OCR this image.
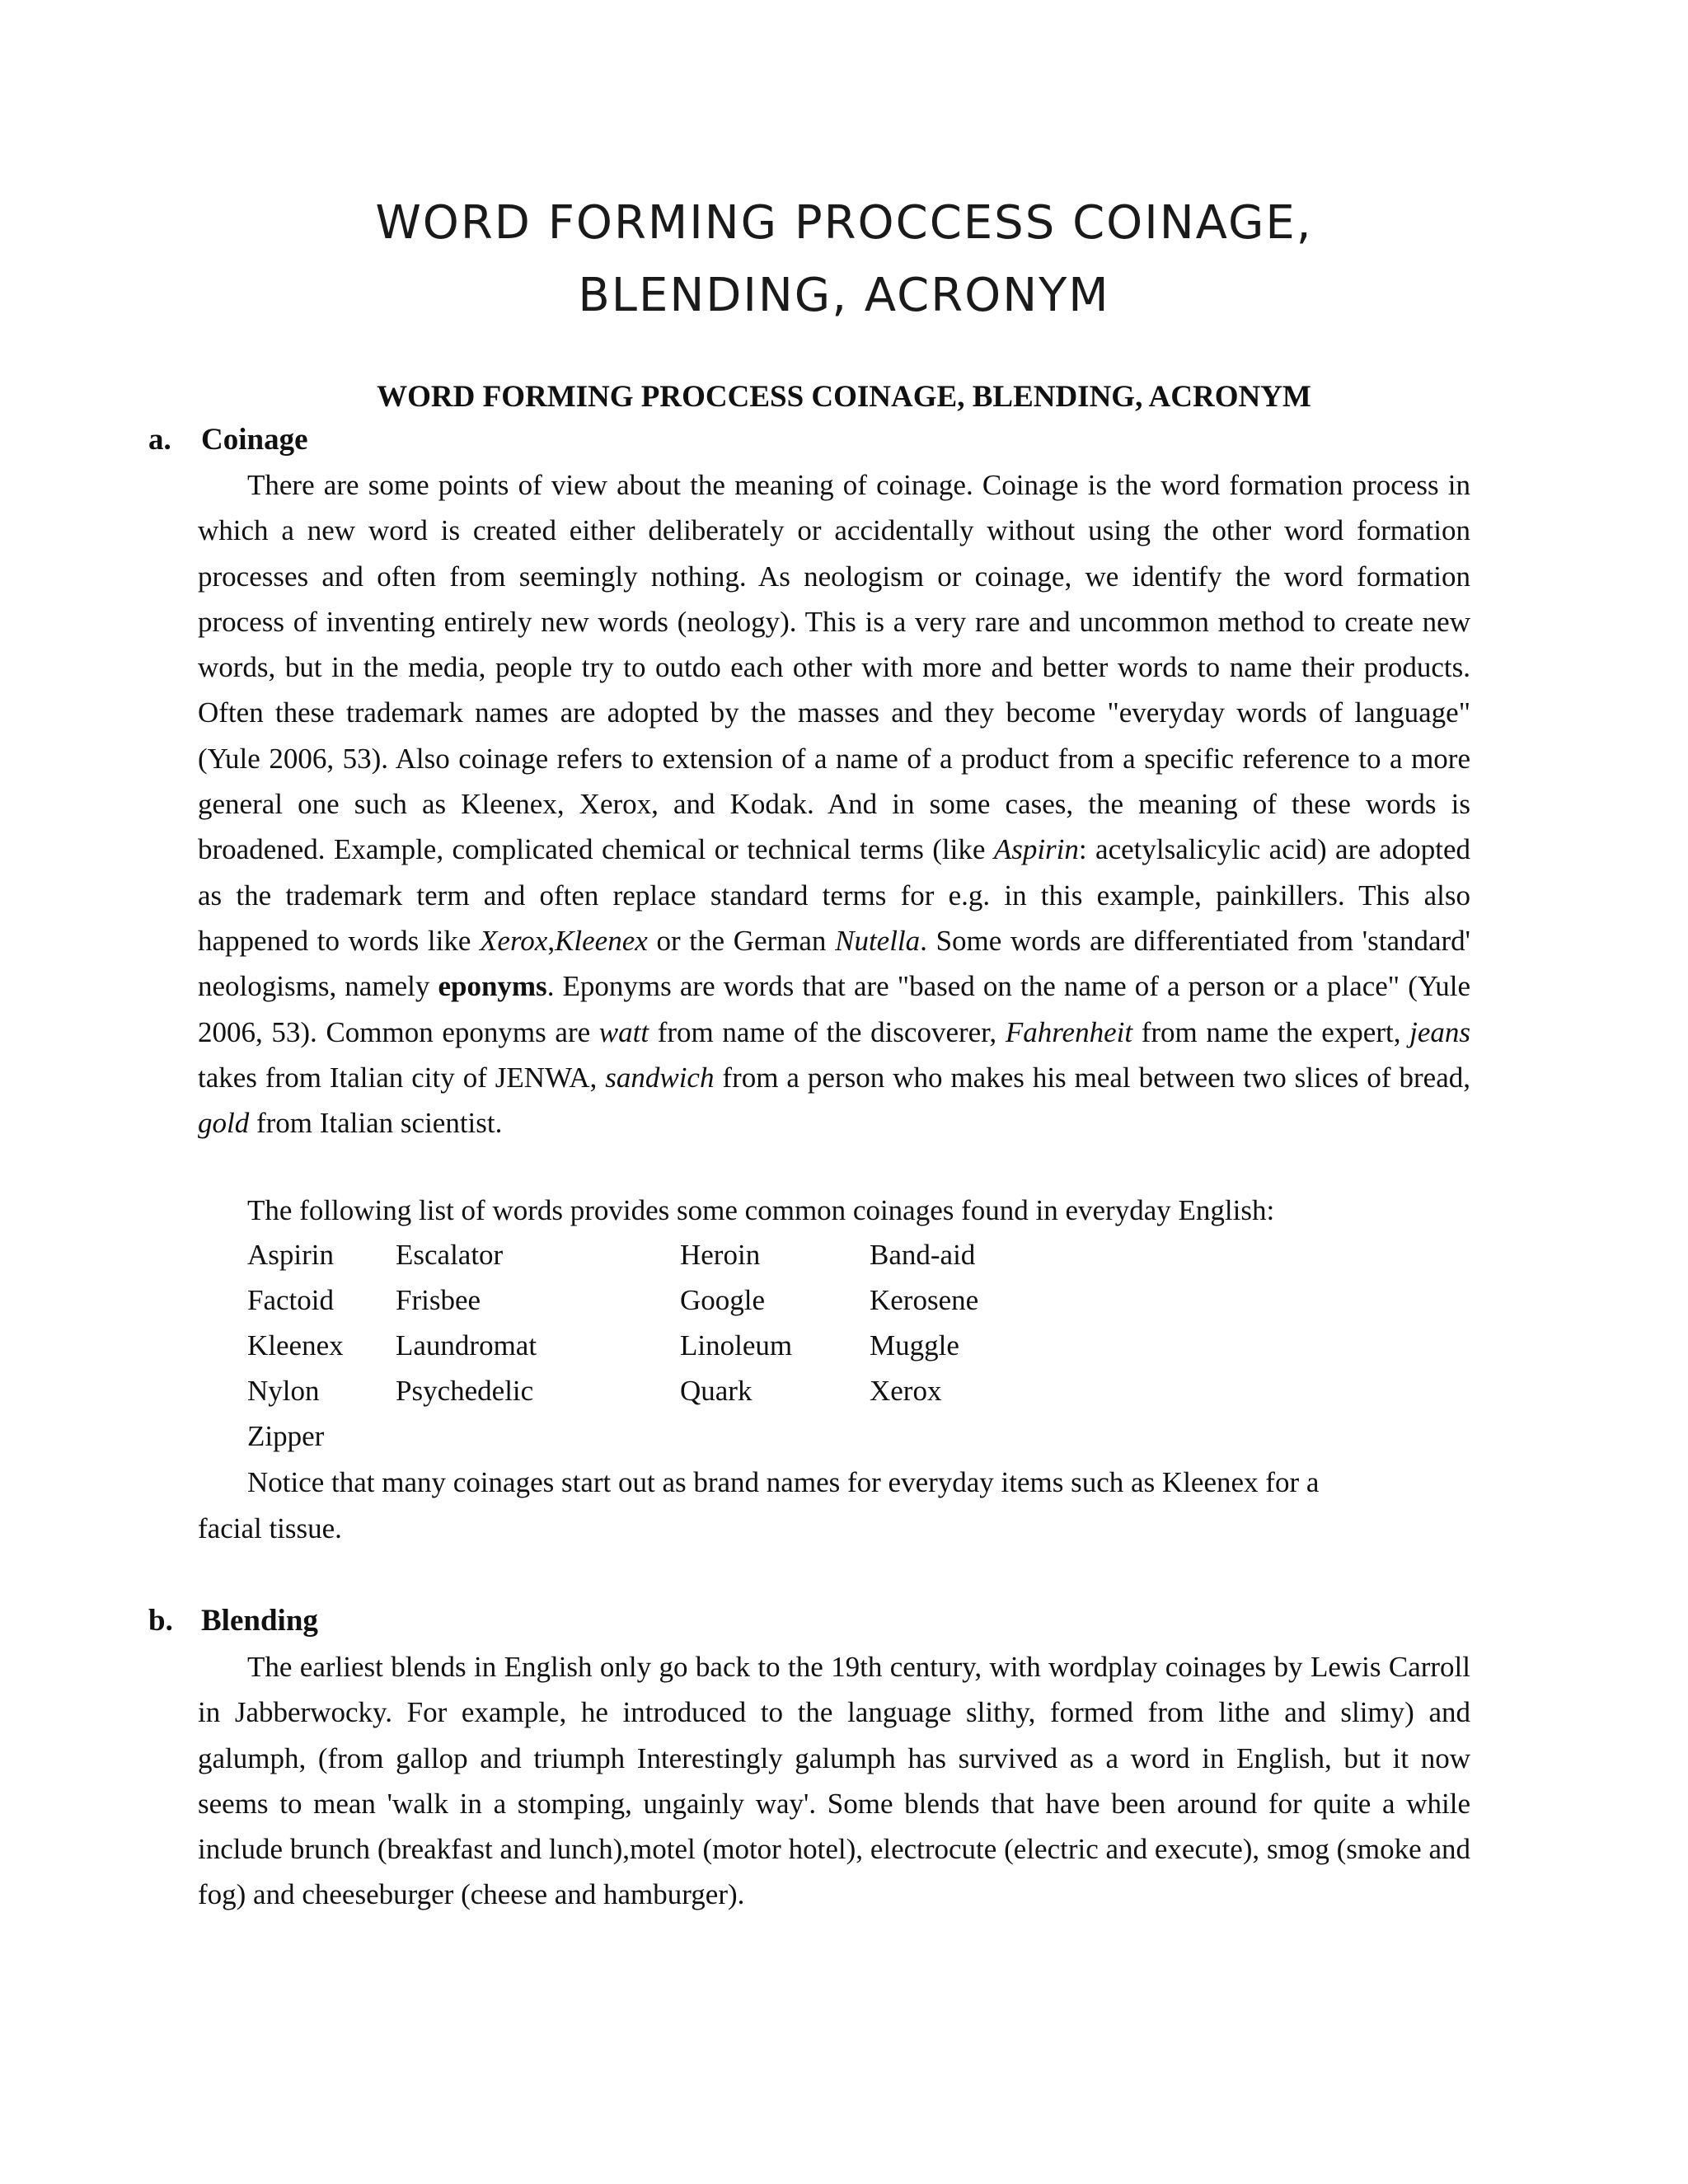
WORD FORMING PROCCESS COINAGE,
BLENDING, ACRONYM
WORD FORMING PROCCESS COINAGE, BLENDING, ACRONYM
a. Coinage

There are some points of view about the meaning of coinage. Coinage is the word formation process in which a new word is created either deliberately or accidentally without using the other word formation processes and often from seemingly nothing. As neologism or coinage, we identify the word formation process of inventing entirely new words (neology). This is a very rare and uncommon method to create new words, but in the media, people try to outdo each other with more and better words to name their products. Often these trademark names are adopted by the masses and they become "everyday words of language" (Yule 2006, 53). Also coinage refers to extension of a name of a product from a specific reference to a more general one such as Kleenex, Xerox, and Kodak. And in some cases, the meaning of these words is broadened. Example, complicated chemical or technical terms (like Aspirin: acetylsalicylic acid) are adopted as the trademark term and often replace standard terms for e.g. in this example, painkillers. This also happened to words like Xerox,Kleenex or the German Nutella. Some words are differentiated from 'standard' neologisms, namely eponyms. Eponyms are words that are "based on the name of a person or a place" (Yule 2006, 53). Common eponyms are watt from name of the discoverer, Fahrenheit from name the expert, jeans takes from Italian city of JENWA, sandwich from a person who makes his meal between two slices of bread, gold from Italian scientist.

The following list of words provides some common coinages found in everyday English:
Aspirin Escalator	Heroin	Band-aid
Factoid Frisbee	Google	Kerosene
Kleenex Laundromat	Linoleum	Muggle
Nylon	Psychedelic	Quark	Xerox
Zipper
Notice that many coinages start out as brand names for everyday items such as Kleenex for a
facial tissue.
b. Blending

The earliest blends in English only go back to the 19th century, with wordplay coinages by Lewis Carroll in Jabberwocky. For example, he introduced to the language slithy, formed from lithe and slimy) and galumph, (from gallop and triumph Interestingly galumph has survived as a word in English, but it now seems to mean 'walk in a stomping, ungainly way'. Some blends that have been around for quite a while include brunch (breakfast and lunch),motel (motor hotel), electrocute (electric and execute), smog (smoke and fog) and cheeseburger (cheese and hamburger).
